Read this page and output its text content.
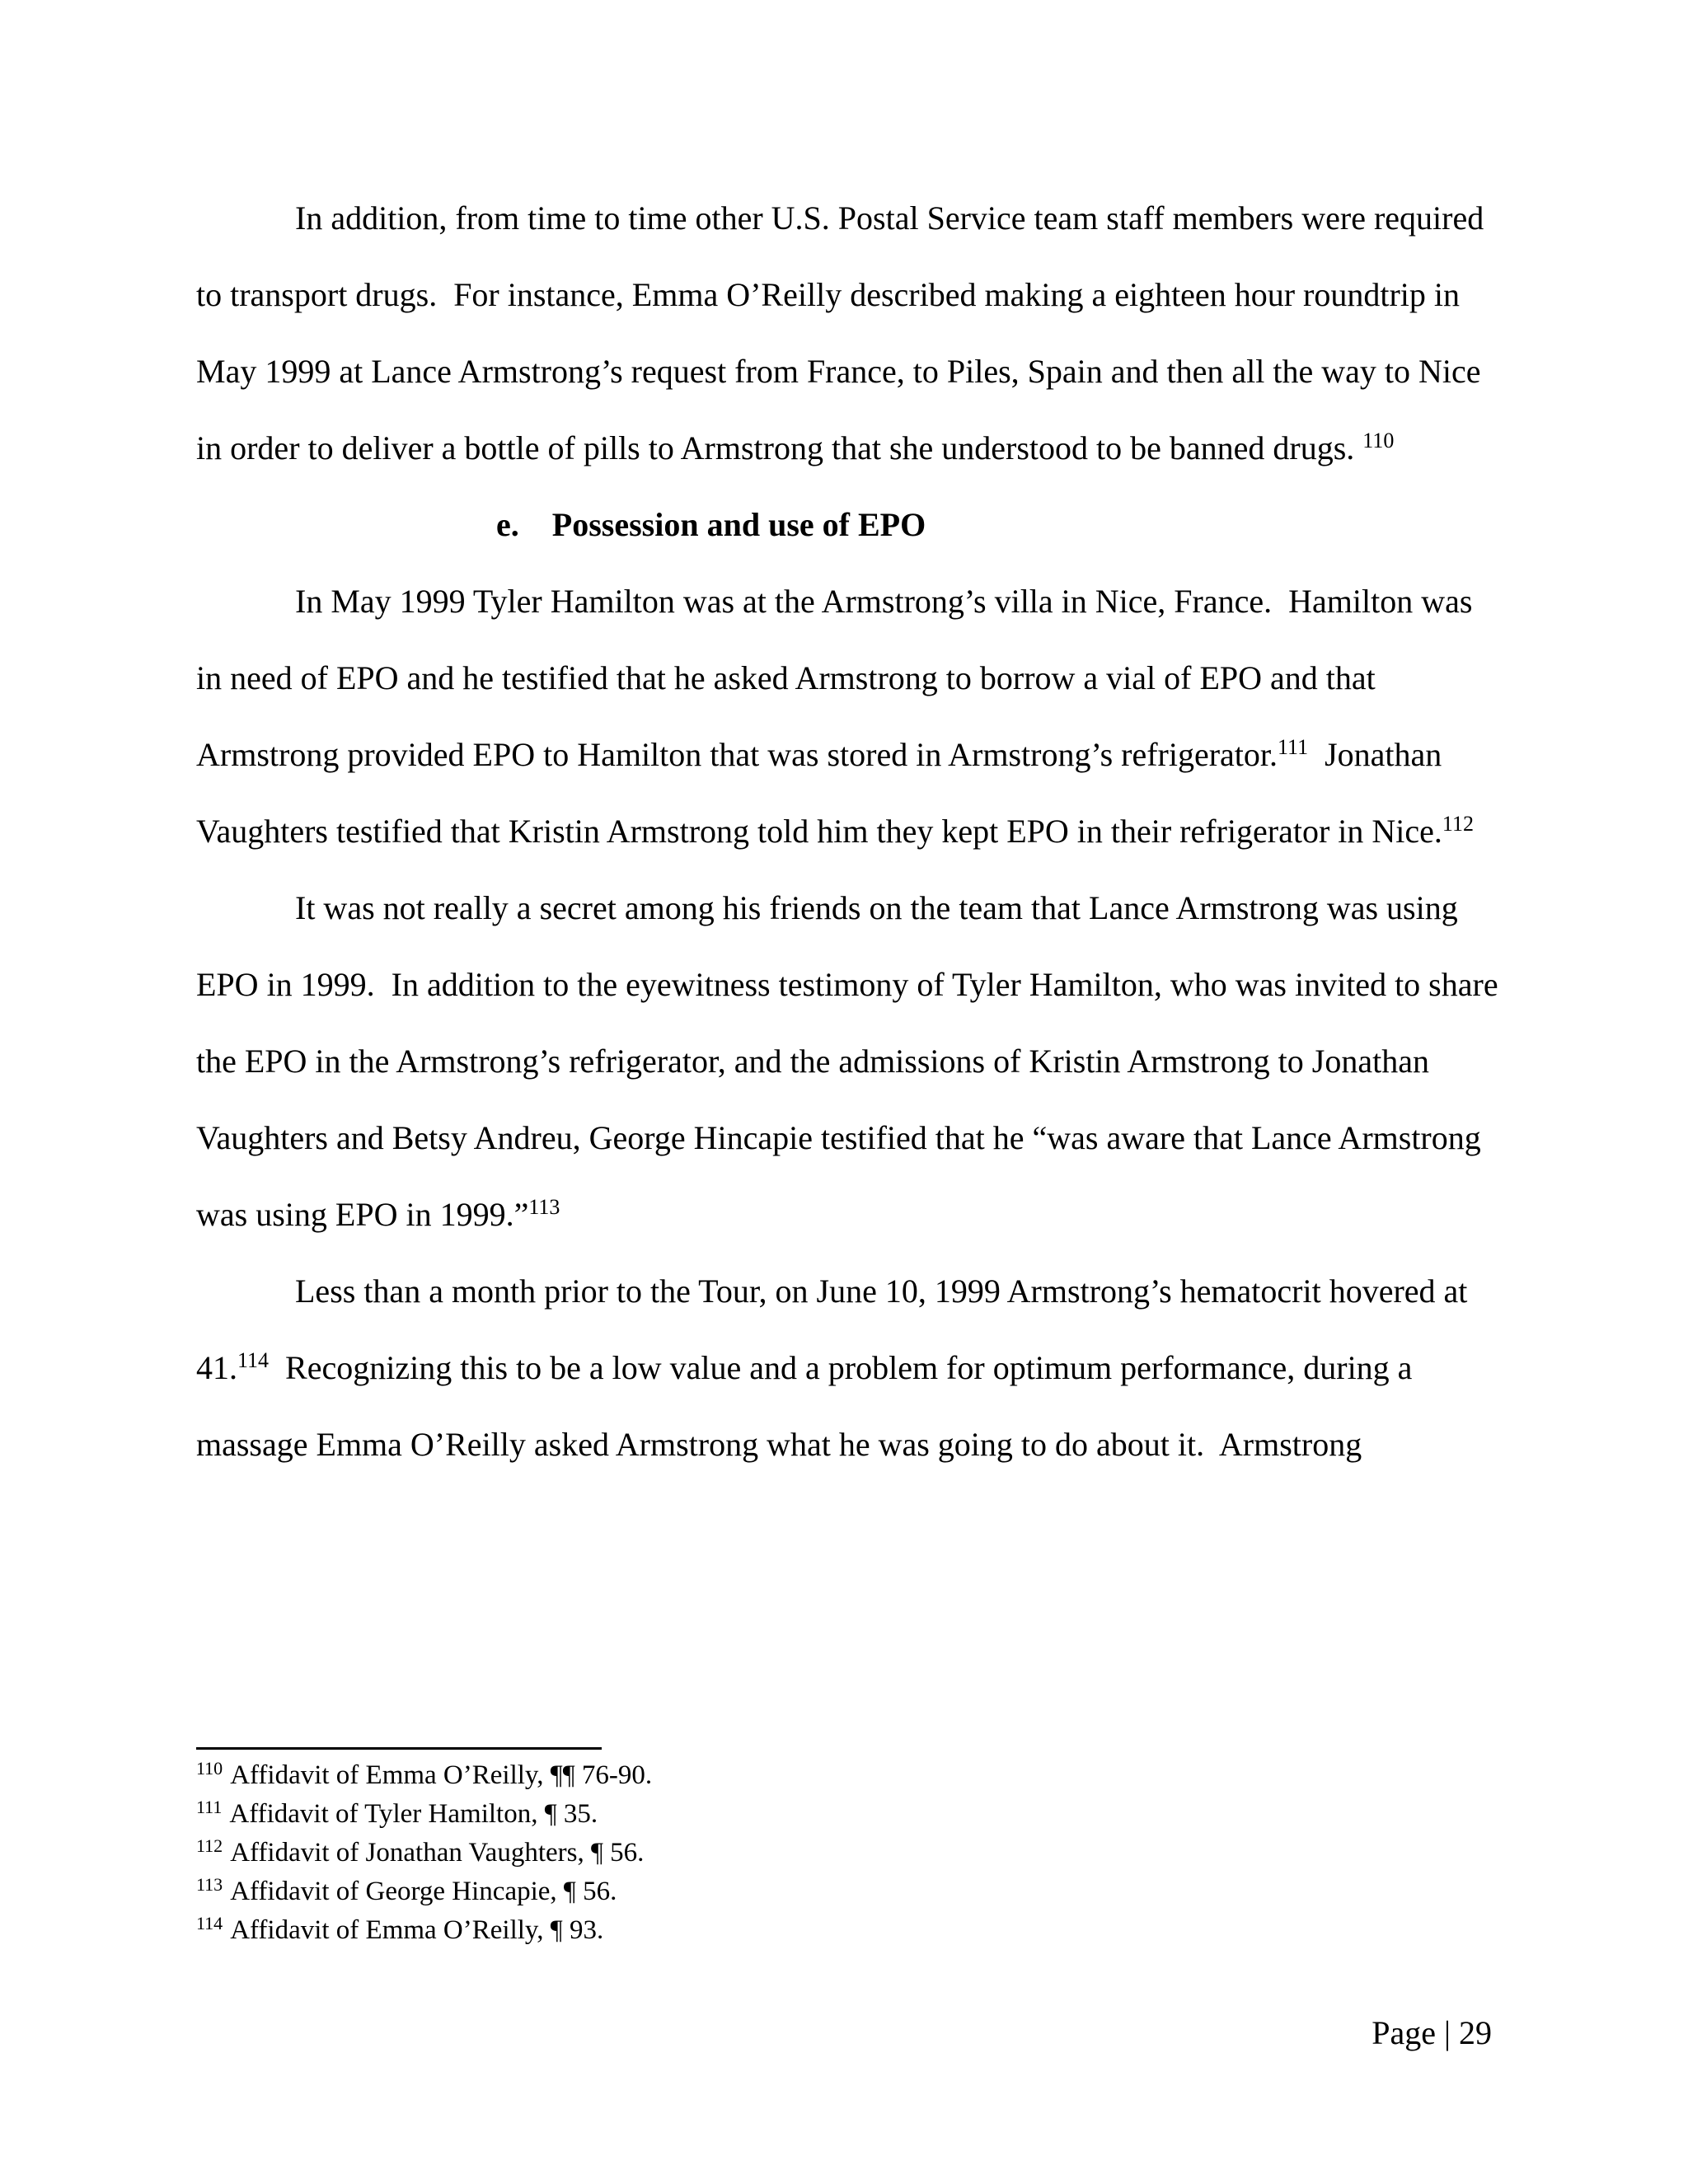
In addition, from time to time other U.S. Postal Service team staff members were required to transport drugs.  For instance, Emma O’Reilly described making a eighteen hour roundtrip in May 1999 at Lance Armstrong’s request from France, to Piles, Spain and then all the way to Nice in order to deliver a bottle of pills to Armstrong that she understood to be banned drugs. $^{110}$

e. Possession and use of EPO

In May 1999 Tyler Hamilton was at the Armstrong’s villa in Nice, France.  Hamilton was in need of EPO and he testified that he asked Armstrong to borrow a vial of EPO and that Armstrong provided EPO to Hamilton that was stored in Armstrong’s refrigerator.$^{111}$  Jonathan Vaughters testified that Kristin Armstrong told him they kept EPO in their refrigerator in Nice.$^{112}$

It was not really a secret among his friends on the team that Lance Armstrong was using EPO in 1999.  In addition to the eyewitness testimony of Tyler Hamilton, who was invited to share the EPO in the Armstrong’s refrigerator, and the admissions of Kristin Armstrong to Jonathan Vaughters and Betsy Andreu, George Hincapie testified that he “was aware that Lance Armstrong was using EPO in 1999.”$^{113}$

Less than a month prior to the Tour, on June 10, 1999 Armstrong’s hematocrit hovered at 41.$^{114}$  Recognizing this to be a low value and a problem for optimum performance, during a massage Emma O’Reilly asked Armstrong what he was going to do about it.  Armstrong

$^{110}$ Affidavit of Emma O’Reilly, ¶¶ 76-90.

$^{111}$ Affidavit of Tyler Hamilton, ¶ 35.

$^{112}$ Affidavit of Jonathan Vaughters, ¶ 56.

$^{113}$ Affidavit of George Hincapie, ¶ 56.

$^{114}$ Affidavit of Emma O’Reilly, ¶ 93.

Page | 29
